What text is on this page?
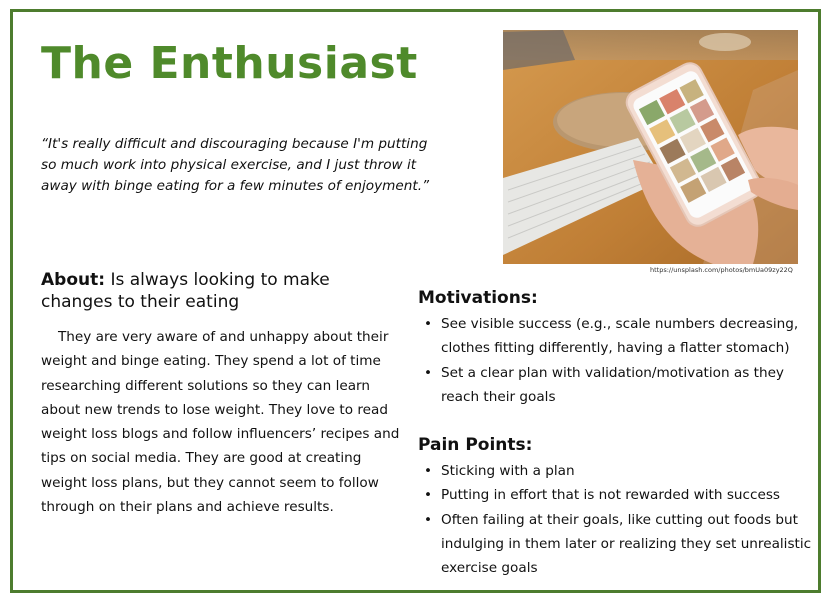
The Enthusiast
“It's really difficult and discouraging because I'm putting so much work into physical exercise, and I just throw it away with binge eating for a few minutes of enjoyment.”
https://unsplash.com/photos/bmUa09zy22Q
About: Is always looking to make changes to their eating
They are very aware of and unhappy about their weight and binge eating. They spend a lot of time researching different solutions so they can learn about new trends to lose weight. They love to read weight loss blogs and follow influencers’ recipes and tips on social media. They are good at creating weight loss plans, but they cannot seem to follow through on their plans and achieve results.
Motivations:
• See visible success (e.g., scale numbers decreasing, clothes fitting differently, having a flatter stomach)
• Set a clear plan with validation/motivation as they reach their goals
Pain Points:
• Sticking with a plan
• Putting in effort that is not rewarded with success
• Often failing at their goals, like cutting out foods but indulging in them later or realizing they set unrealistic exercise goals
